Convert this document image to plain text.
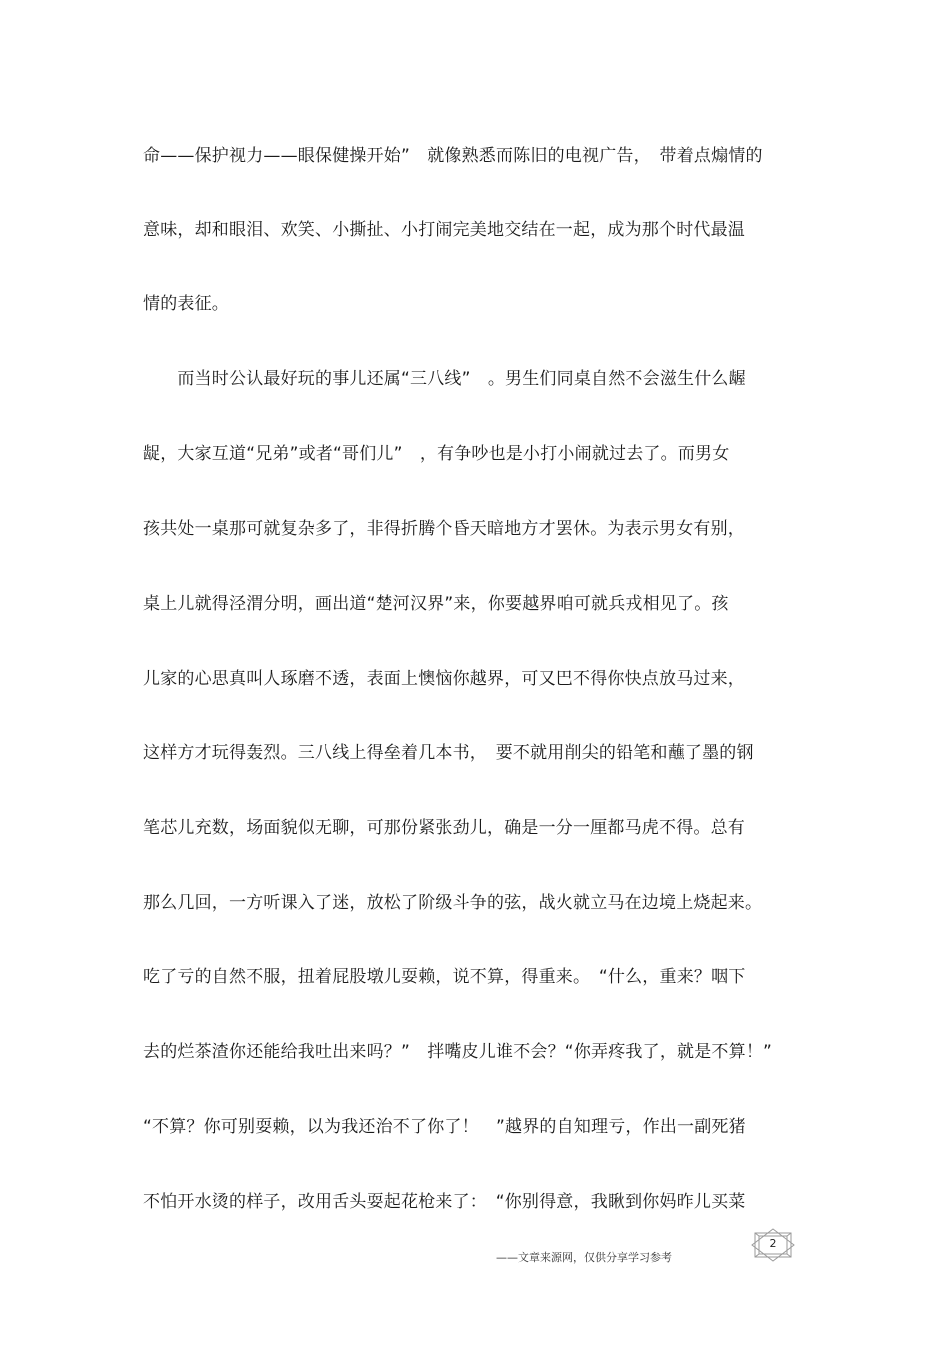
命——保护视力——眼保健操开始”　就像熟悉而陈旧的电视广告，　带着点煽情的
意味，却和眼泪、欢笑、小撕扯、小打闹完美地交结在一起，成为那个时代最温
情的表征。
　　而当时公认最好玩的事儿还属“三八线”　。男生们同桌自然不会滋生什么龌
龊，大家互道“兄弟”或者“哥们儿”　，有争吵也是小打小闹就过去了。而男女
孩共处一桌那可就复杂多了，非得折腾个昏天暗地方才罢休。为表示男女有别，
桌上儿就得泾渭分明，画出道“楚河汉界”来，你要越界咱可就兵戎相见了。孩
儿家的心思真叫人琢磨不透，表面上懊恼你越界，可又巴不得你快点放马过来，
这样方才玩得轰烈。三八线上得垒着几本书，　要不就用削尖的铅笔和蘸了墨的钢
笔芯儿充数，场面貌似无聊，可那份紧张劲儿，确是一分一厘都马虎不得。总有
那么几回，一方听课入了迷，放松了阶级斗争的弦，战火就立马在边境上烧起来。
吃了亏的自然不服，扭着屁股墩儿耍赖，说不算，得重来。　“什么，重来？咽下
去的烂茶渣你还能给我吐出来吗？”　拌嘴皮儿谁不会？“你弄疼我了，就是不算！”
“不算？你可别耍赖，以为我还治不了你了！　”越界的自知理亏，作出一副死猪
不怕开水烫的样子，改用舌头耍起花枪来了：　“你别得意，我瞅到你妈昨儿买菜
——文章来源网，仅供分享学习参考
2
